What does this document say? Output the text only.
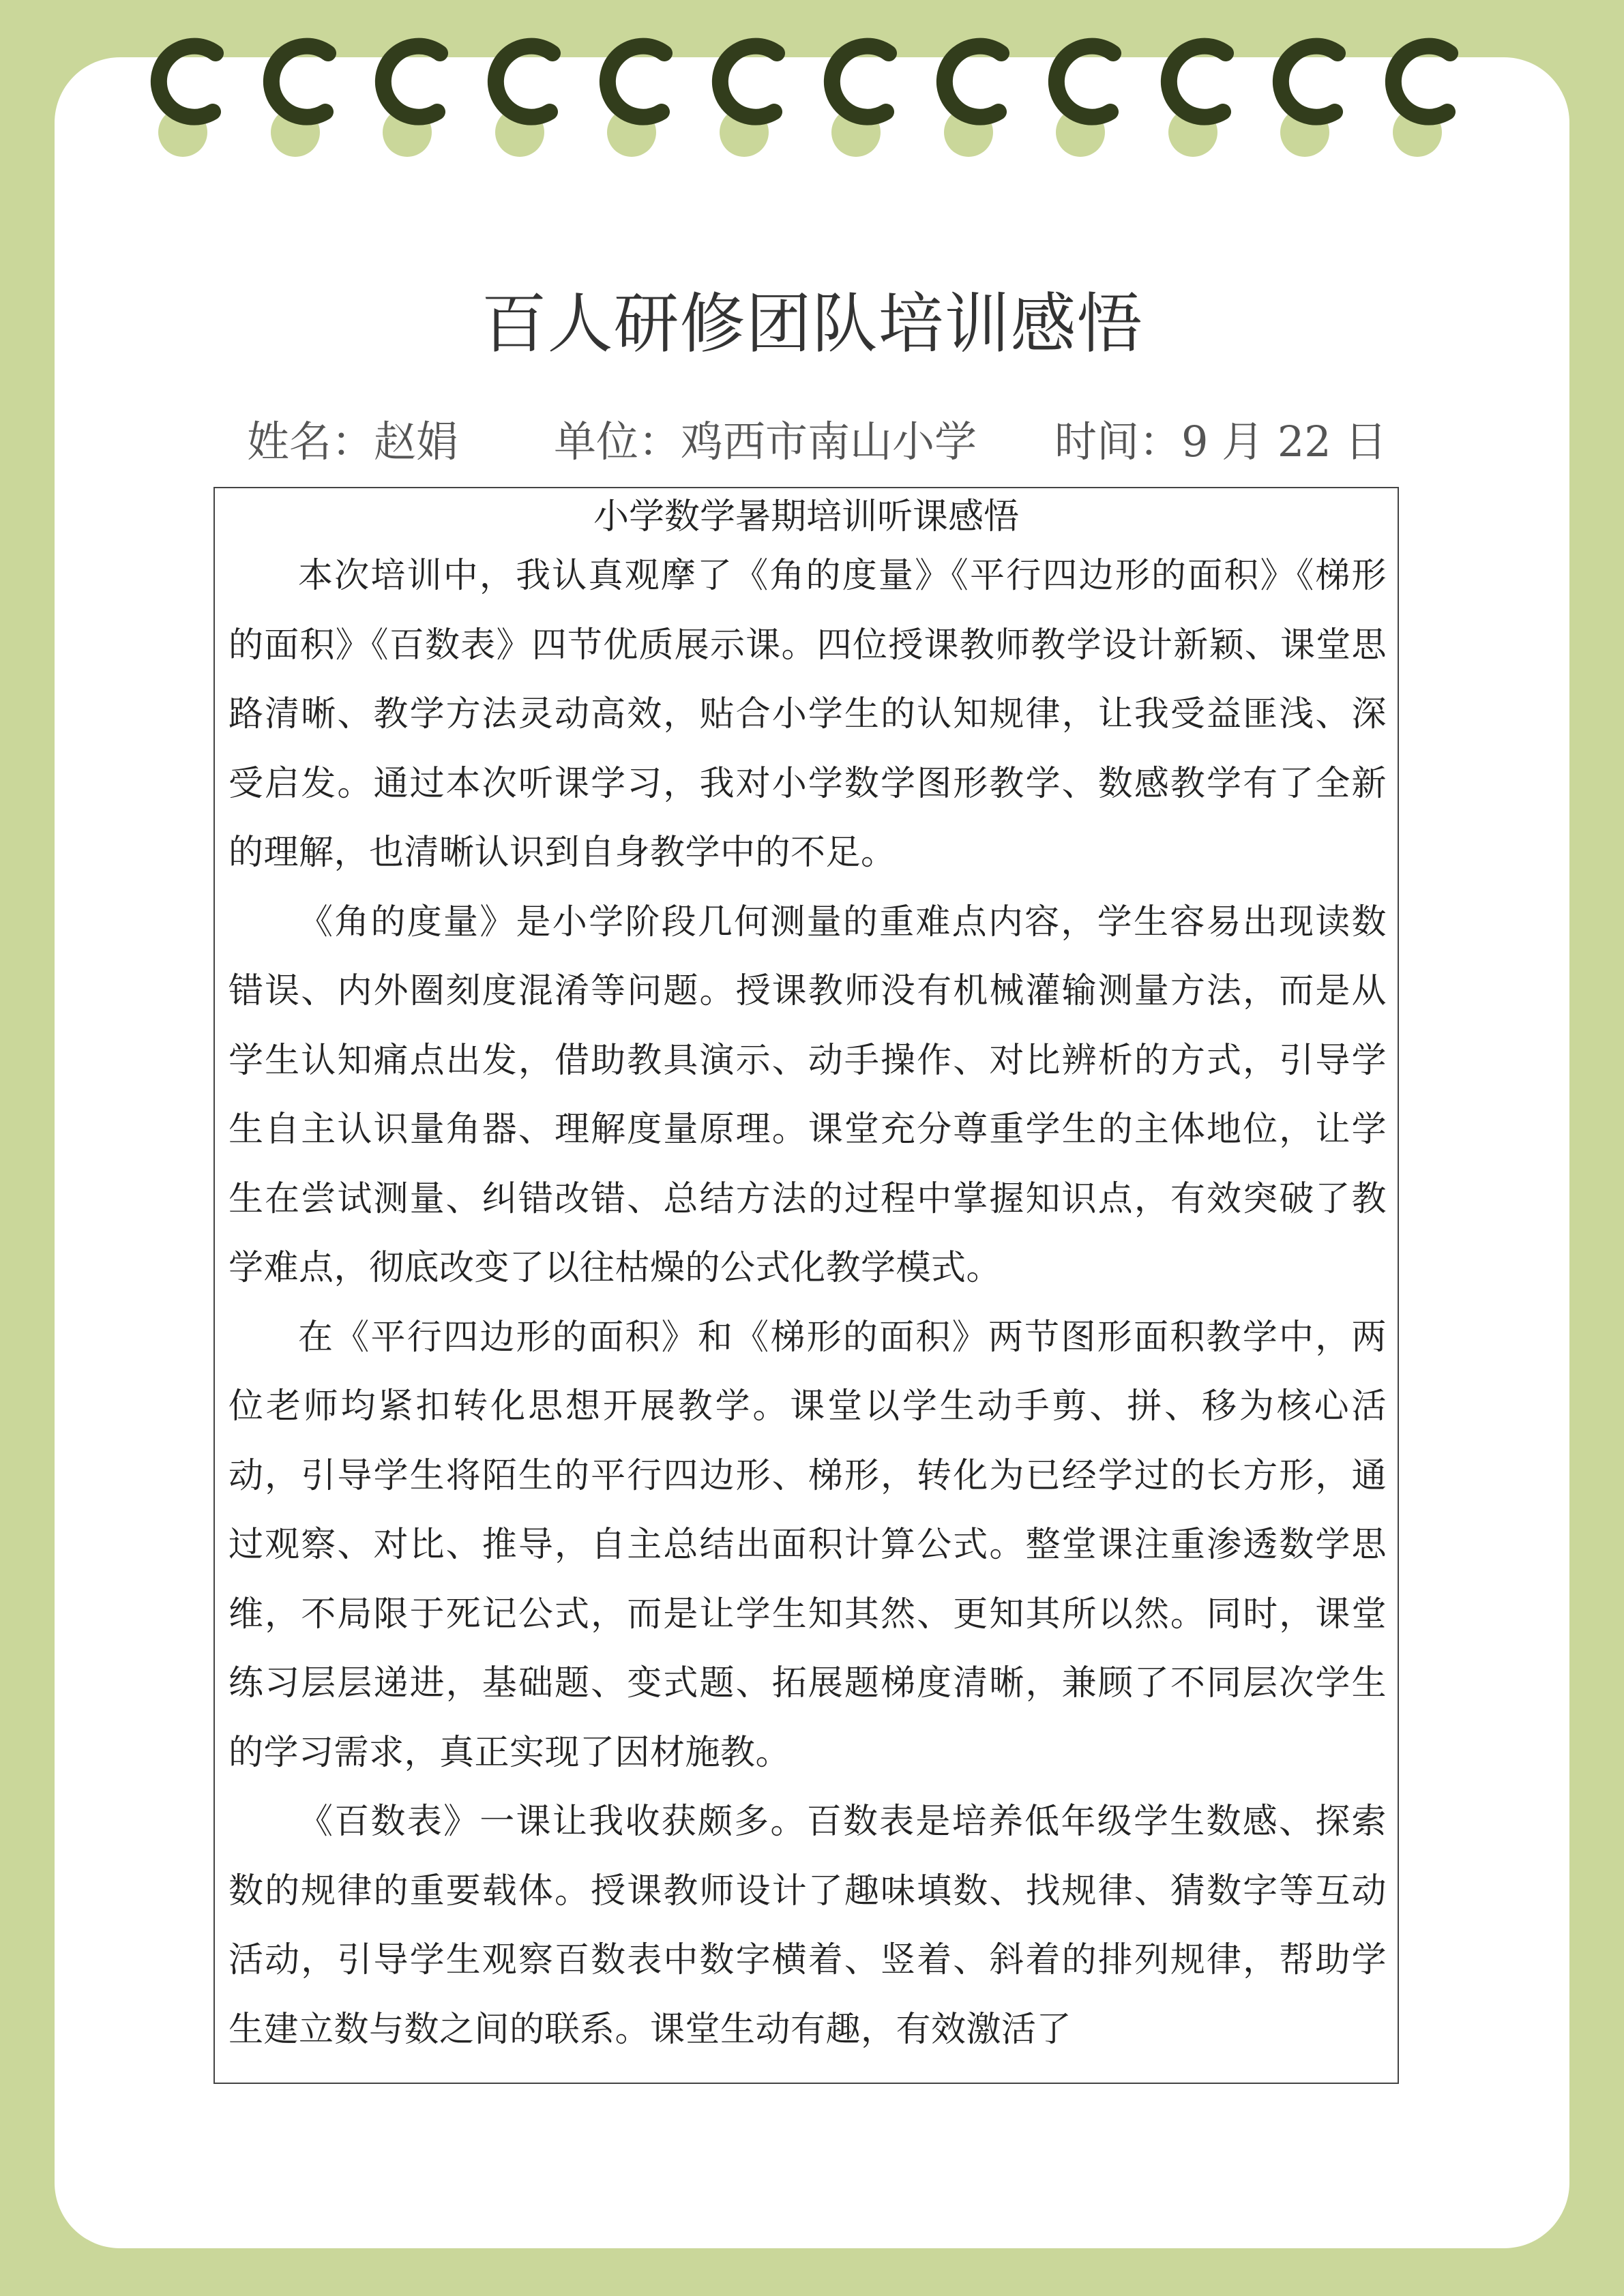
百人研修团队培训感悟
姓名：赵娟 单位：鸡西市南山小学 时间：9 月 22 日
小学数学暑期培训听课感悟

本次培训中，我认真观摩了《角的度量》《平行四边形的面积》《梯形的面积》《百数表》四节优质展示课。四位授课教师教学设计新颖、课堂思路清晰、教学方法灵动高效，贴合小学生的认知规律，让我受益匪浅、深受启发。通过本次听课学习，我对小学数学图形教学、数感教学有了全新的理解，也清晰认识到自身教学中的不足。

《角的度量》是小学阶段几何测量的重难点内容，学生容易出现读数错误、内外圈刻度混淆等问题。授课教师没有机械灌输测量方法，而是从学生认知痛点出发，借助教具演示、动手操作、对比辨析的方式，引导学生自主认识量角器、理解度量原理。课堂充分尊重学生的主体地位，让学生在尝试测量、纠错改错、总结方法的过程中掌握知识点，有效突破了教学难点，彻底改变了以往枯燥的公式化教学模式。

在《平行四边形的面积》和《梯形的面积》两节图形面积教学中，两位老师均紧扣转化思想开展教学。课堂以学生动手剪、拼、移为核心活动，引导学生将陌生的平行四边形、梯形，转化为已经学过的长方形，通过观察、对比、推导，自主总结出面积计算公式。整堂课注重渗透数学思维，不局限于死记公式，而是让学生知其然、更知其所以然。同时，课堂练习层层递进，基础题、变式题、拓展题梯度清晰，兼顾了不同层次学生的学习需求，真正实现了因材施教。

《百数表》一课让我收获颇多。百数表是培养低年级学生数感、探索数的规律的重要载体。授课教师设计了趣味填数、找规律、猜数字等互动活动，引导学生观察百数表中数字横着、竖着、斜着的排列规律，帮助学生建立数与数之间的联系。课堂生动有趣，有效激活了
